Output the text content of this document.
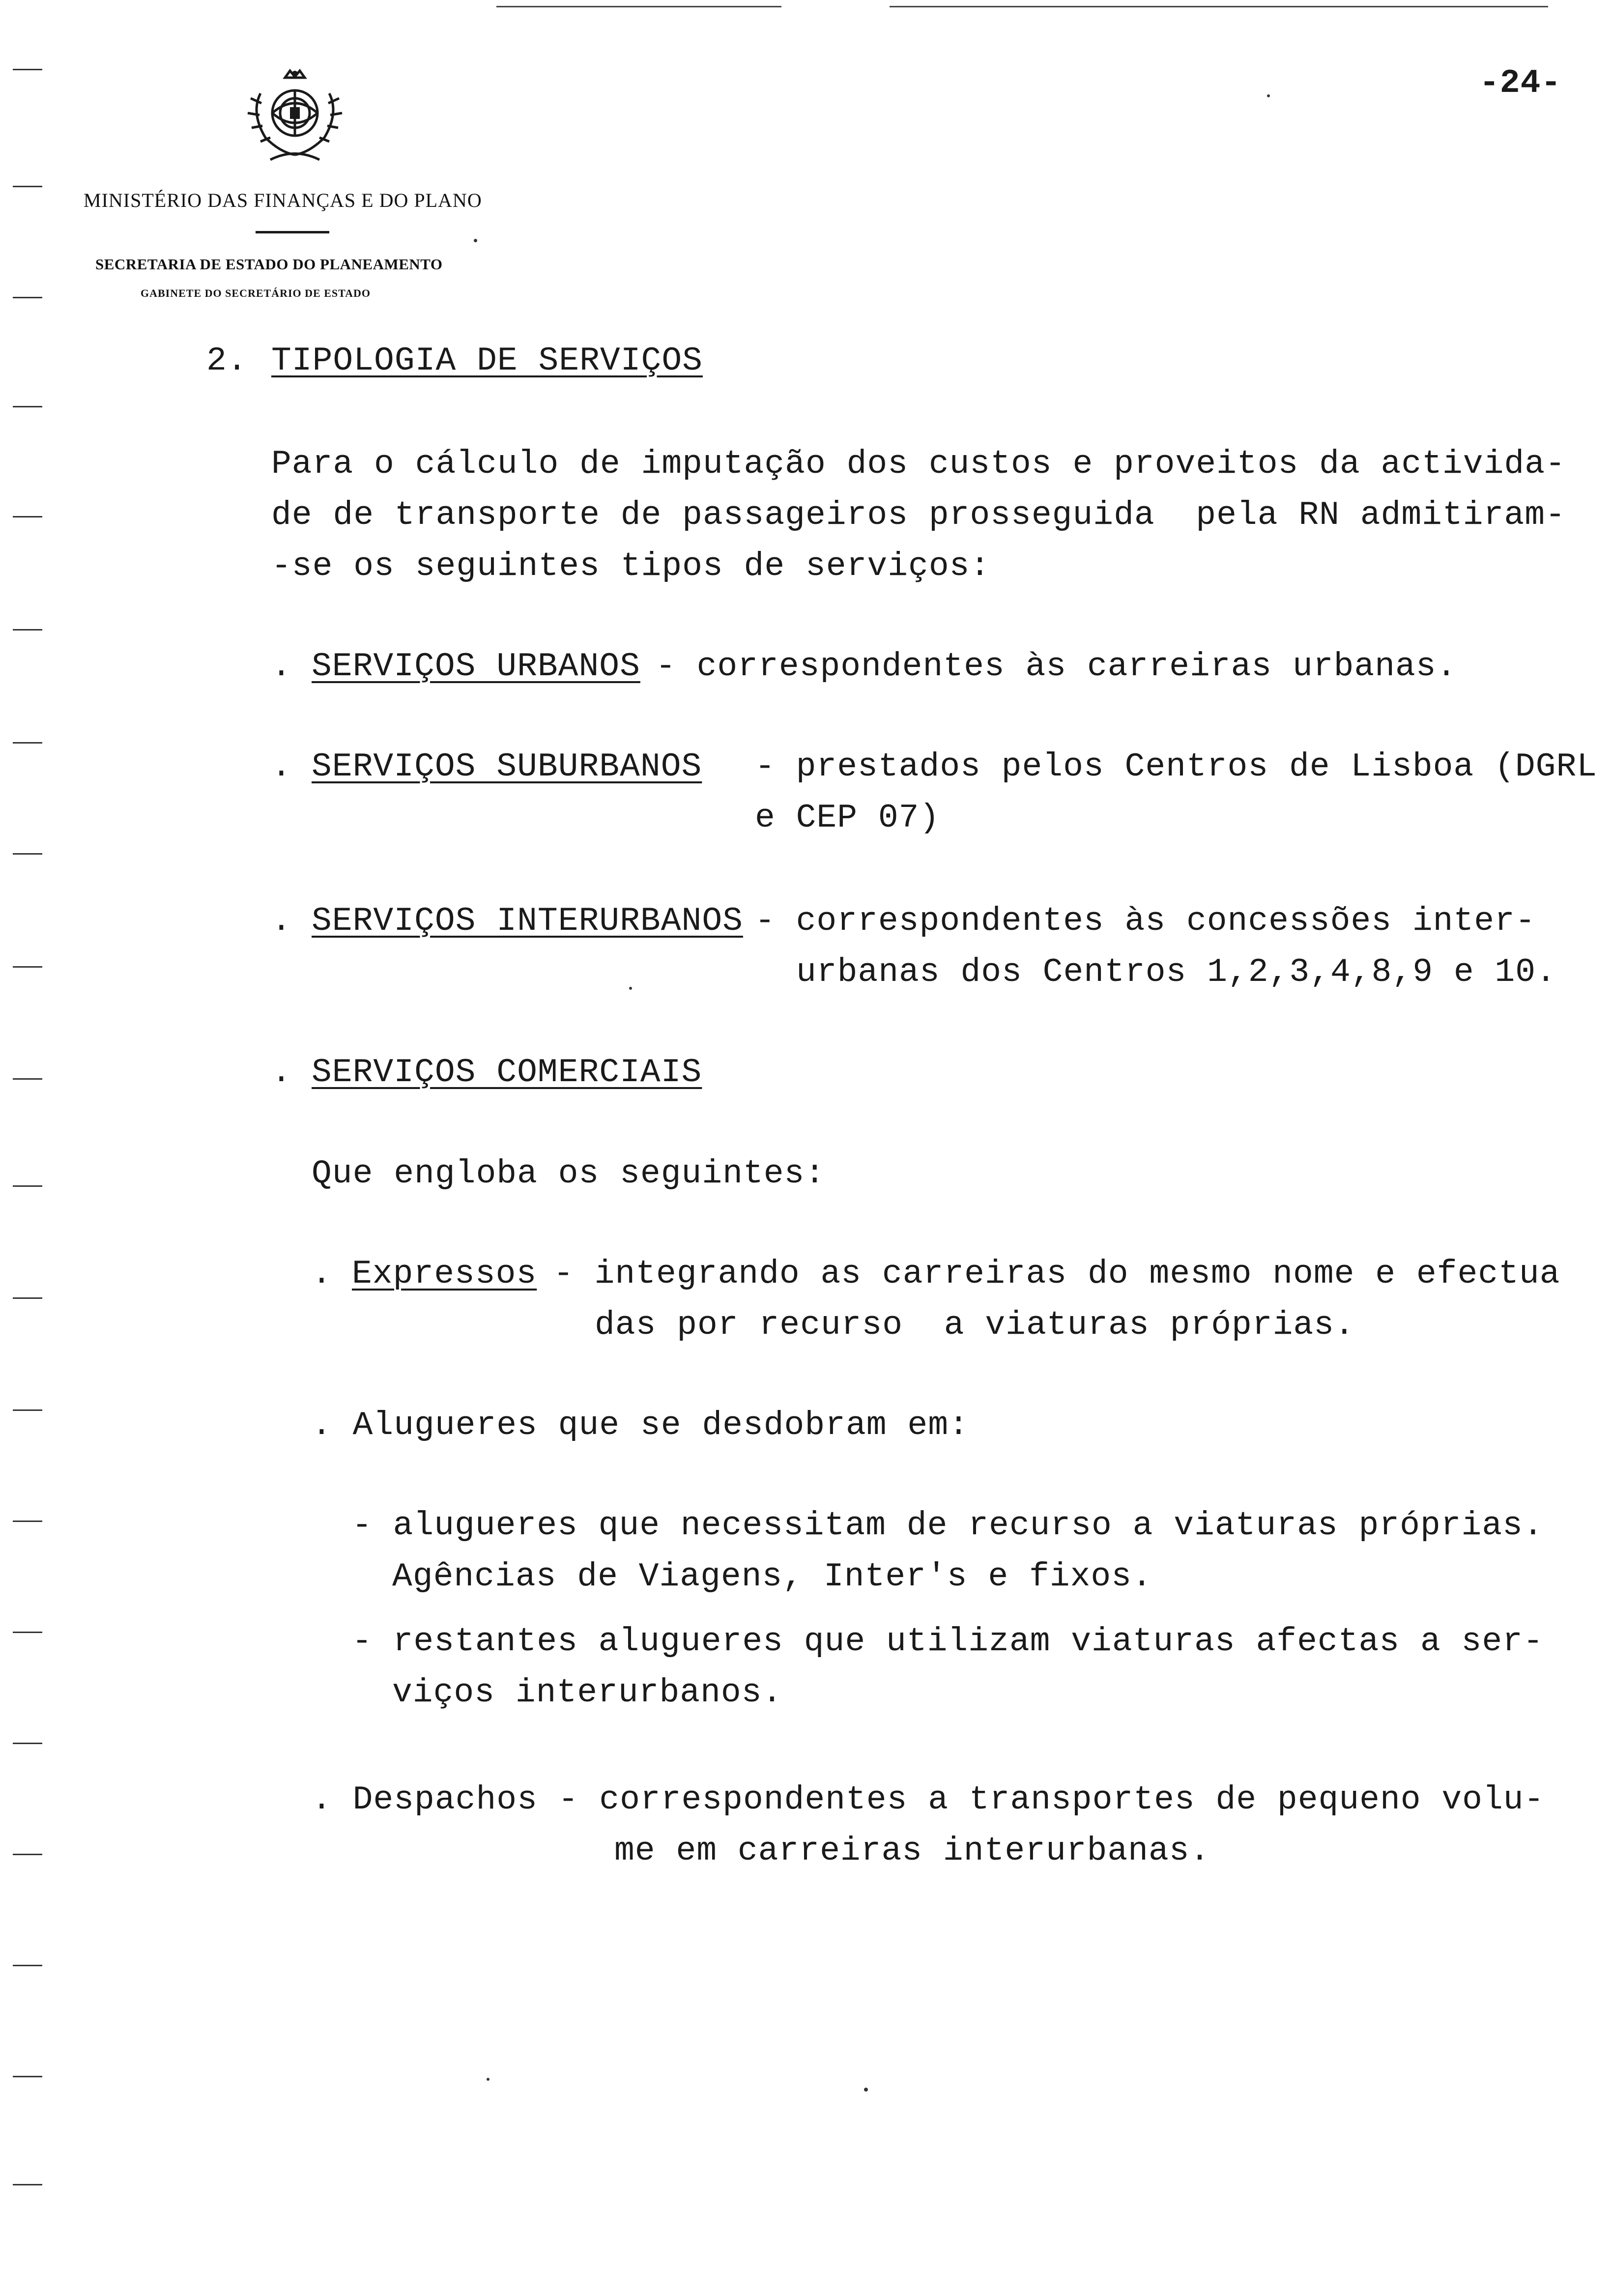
MINISTÉRIO DAS FINANÇAS E DO PLANO
SECRETARIA DE ESTADO DO PLANEAMENTO
GABINETE DO SECRETÁRIO DE ESTADO
-24-
2. TIPOLOGIA DE SERVIÇOS
Para o cálculo de imputação dos custos e proveitos da activida-
de de transporte de passageiros prosseguida  pela RN admitiram-
-se os seguintes tipos de serviços:
. SERVIÇOS URBANOS - correspondentes às carreiras urbanas.
. SERVIÇOS SUBURBANOS - prestados pelos Centros de Lisboa (DGRL
e CEP 07)
. SERVIÇOS INTERURBANOS - correspondentes às concessões inter-
urbanas dos Centros 1,2,3,4,8,9 e 10.
. SERVIÇOS COMERCIAIS
Que engloba os seguintes:
. Expressos - integrando as carreiras do mesmo nome e efectua
das por recurso  a viaturas próprias.
. Alugueres que se desdobram em:
- alugueres que necessitam de recurso a viaturas próprias.
Agências de Viagens, Inter's e fixos.
- restantes alugueres que utilizam viaturas afectas a ser-
viços interurbanos.
. Despachos - correspondentes a transportes de pequeno volu-
me em carreiras interurbanas.
